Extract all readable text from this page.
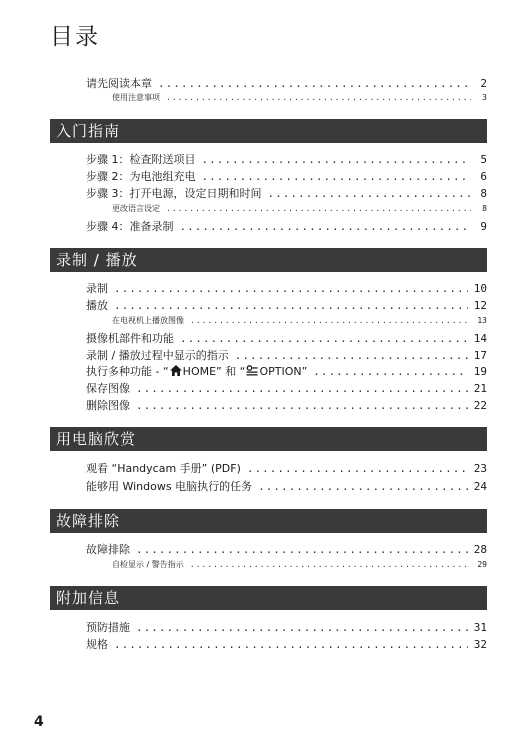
目录
请先阅读本章 .....	2
使用注意事项 .....	3
入门指南
步骤 1：检查附送项目 .....	5
步骤 2：为电池组充电 .....	6
步骤 3：打开电源，设定日期和时间 .....	8
更改语言设定 .....	8
步骤 4：准备录制 .....	9
录制 / 播放
录制 .....	10
播放 .....	12
在电视机上播放图像 .....	13
摄像机部件和功能 .....	14
录制 / 播放过程中显示的指示 .....	17
执行多种功能 - “ HOME” 和 “ OPTION” .....	19
保存图像 .....	21
删除图像 .....	22
用电脑欣赏
观看 “Handycam 手册” (PDF) .....	23
能够用 Windows 电脑执行的任务 .....	24
故障排除
故障排除 .....	28
自检显示 / 警告指示 .....	29
附加信息
预防措施 .....	31
规格 .....	32
4
